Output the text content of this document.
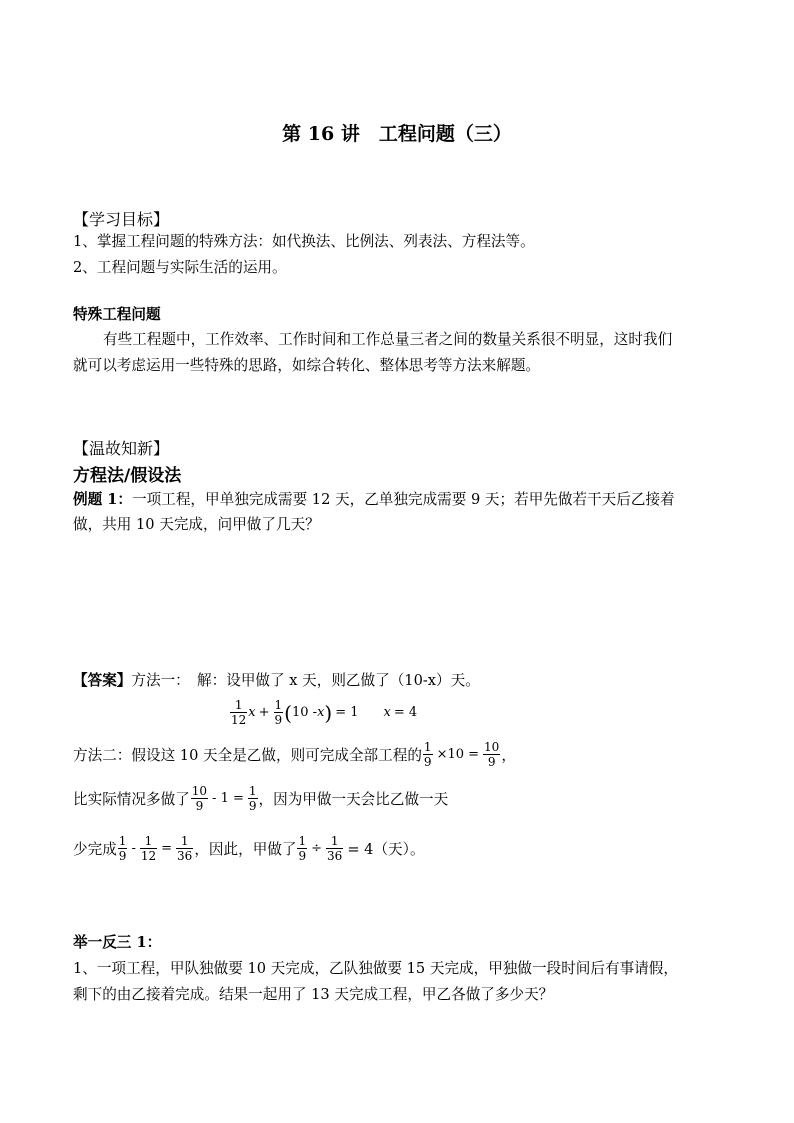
第 16 讲　工程问题（三）
【学习目标】
1、掌握工程问题的特殊方法：如代换法、比例法、列表法、方程法等。
2、工程问题与实际生活的运用。
特殊工程问题
有些工程题中，工作效率、工作时间和工作总量三者之间的数量关系很不明显，这时我们
就可以考虑运用一些特殊的思路，如综合转化、整体思考等方法来解题。
【温故知新】
方程法/假设法
例题 1：一项工程，甲单独完成需要 12 天，乙单独完成需要 9 天；若甲先做若干天后乙接着
做，共用 10 天完成，问甲做了几天？
【答案】方法一：　解：设甲做了 x 天，则乙做了（10-x）天。
$\frac{1}{12}$ $x + \frac{1}{9}$ ( 10 - x ) = 1 x = 4
方法二：假设这 10 天全是乙做，则可完成全部工程的 $\frac{1}{9} \times 10 = \frac{10}{9}$ ，
比实际情况多做了 $\frac{10}{9} - 1 = \frac{1}{9}$ ，因为甲做一天会比乙做一天
少完成 $\frac{1}{9} - \frac{1}{12} = \frac{1}{36}$ ，因此，甲做了 $\frac{1}{9} \div \frac{1}{36} = 4$（天）。
举一反三 1：
1、一项工程，甲队独做要 10 天完成，乙队独做要 15 天完成，甲独做一段时间后有事请假，
剩下的由乙接着完成。结果一起用了 13 天完成工程，甲乙各做了多少天？
